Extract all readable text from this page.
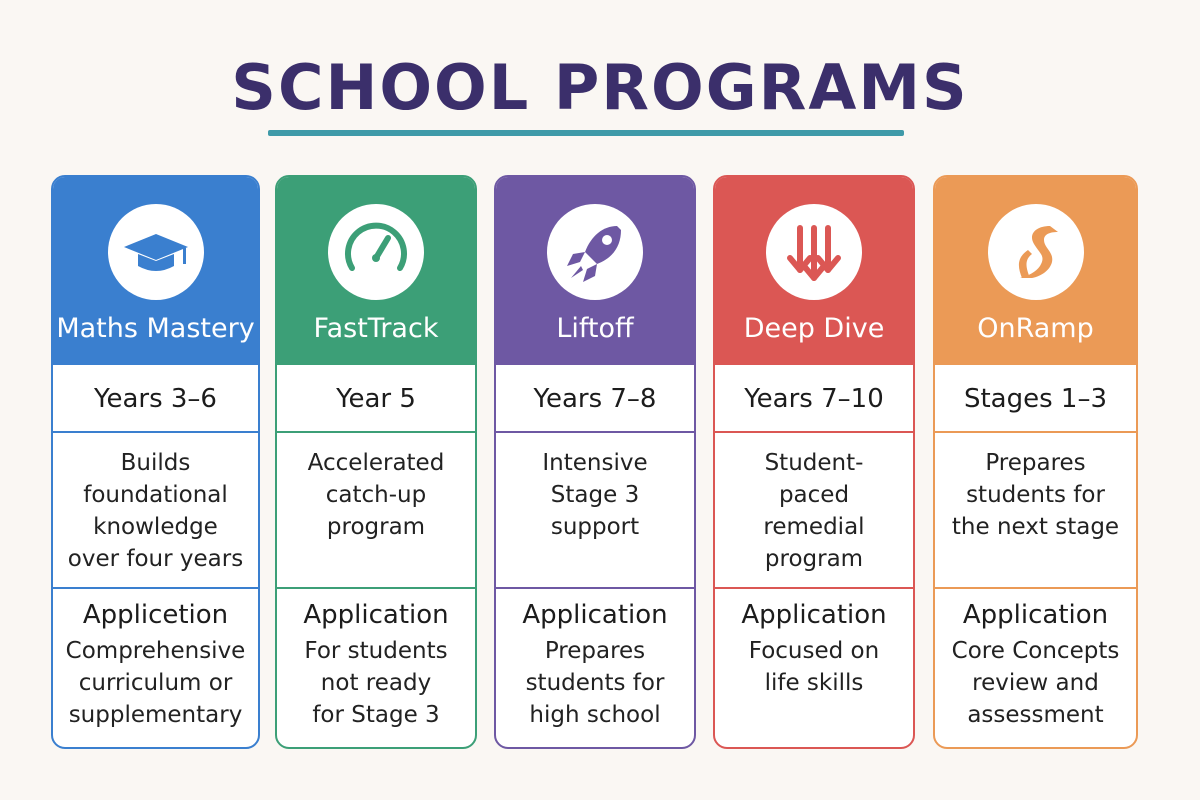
SCHOOL PROGRAMS
Maths Mastery
Years 3–6
Builds
foundational
knowledge
over four years
Applicetion
Comprehensive
curriculum or
supplementary
FastTrack
Year 5
Accelerated
catch-up
program
Application
For students
not ready
for Stage 3
Liftoff
Years 7–8
Intensive
Stage 3
support
Application
Prepares
students for
high school
Deep Dive
Years 7–10
Student-
paced
remedial
program
Application
Focused on
life skills
OnRamp
Stages 1–3
Prepares
students for
the next stage
Application
Core Concepts
review and
assessment
